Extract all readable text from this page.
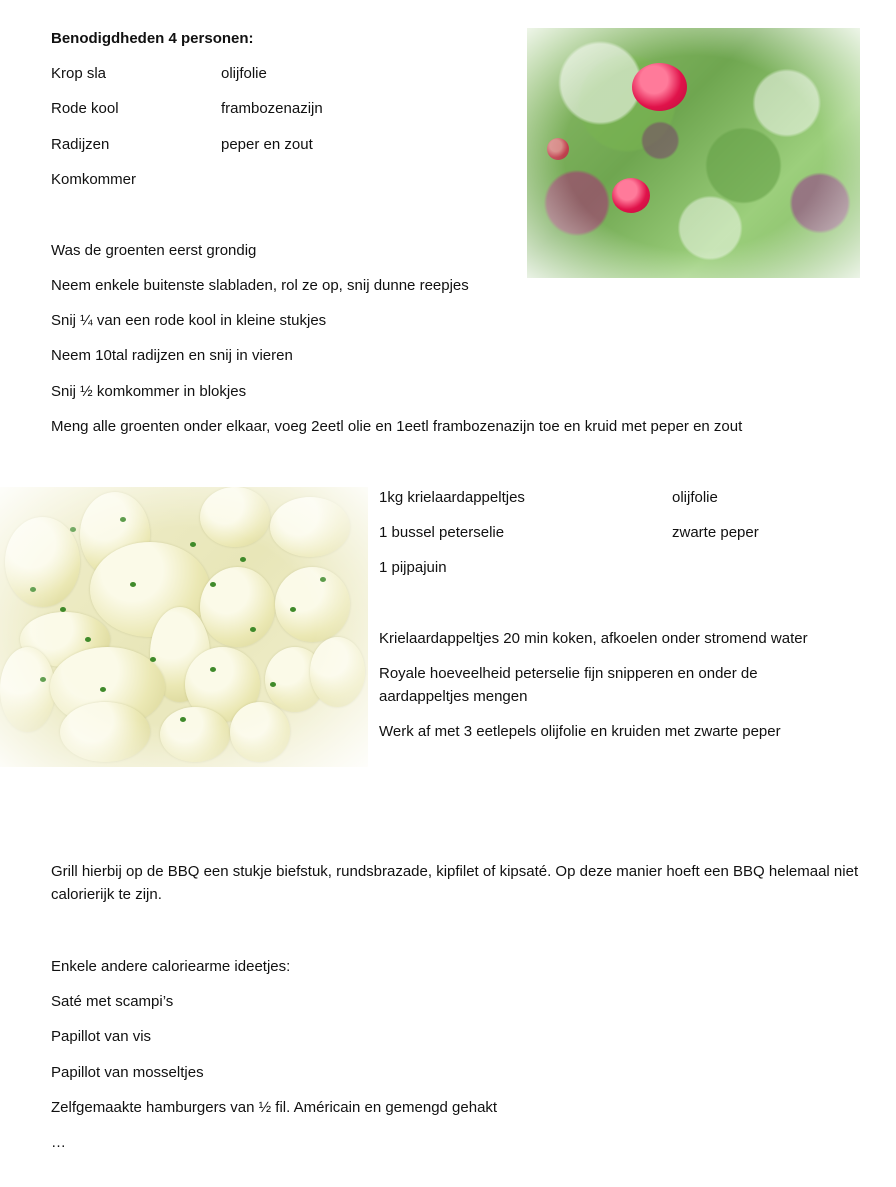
Benodigdheden 4 personen:
Krop sla
Rode kool
Radijzen
Komkommer
olijfolie
frambozenazijn
peper en zout
Was de groenten eerst grondig
Neem enkele buitenste slabladen, rol ze op, snij dunne reepjes
Snij ¼ van een rode kool in kleine stukjes
Neem 10tal radijzen en snij in vieren
Snij ½ komkommer in blokjes
Meng alle groenten onder elkaar, voeg 2eetl olie en 1eetl frambozenazijn toe en kruid met peper en zout
1kg krielaardappeltjes
1 bussel peterselie
1 pijpajuin
olijfolie
zwarte peper
Krielaardappeltjes 20 min koken, afkoelen onder stromend water
Royale hoeveelheid peterselie fijn snipperen en onder de aardappeltjes mengen
Werk af met 3 eetlepels olijfolie en kruiden met zwarte peper
Grill hierbij op de BBQ een stukje biefstuk, rundsbrazade, kipfilet of kipsaté. Op deze manier hoeft een BBQ helemaal niet calorierijk te zijn.
Enkele andere caloriearme ideetjes:
Saté met scampi’s
Papillot van vis
Papillot van mosseltjes
Zelfgemaakte hamburgers van ½ fil. Américain en gemengd gehakt
…
